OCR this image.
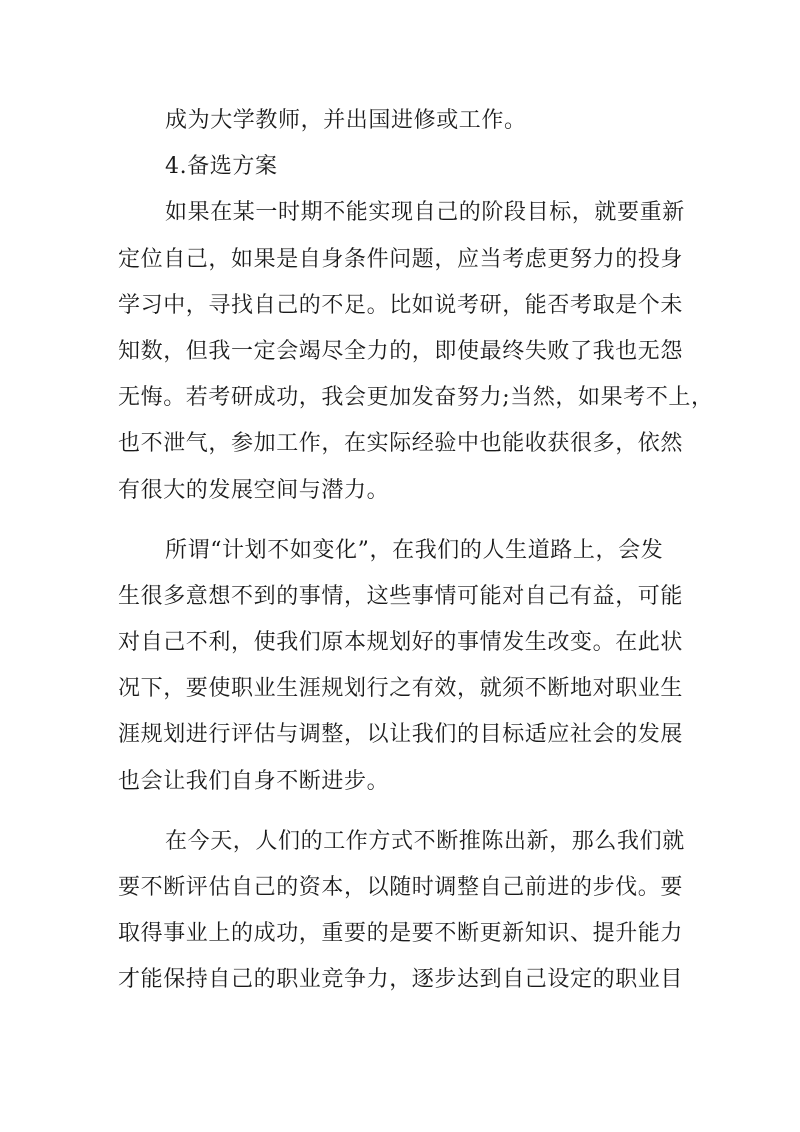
成为大学教师，并出国进修或工作。
4.备选方案
如果在某一时期不能实现自己的阶段目标，就要重新
定位自己，如果是自身条件问题，应当考虑更努力的投身
学习中，寻找自己的不足。比如说考研，能否考取是个未
知数，但我一定会竭尽全力的，即使最终失败了我也无怨
无悔。若考研成功，我会更加发奋努力;当然，如果考不上，
也不泄气，参加工作，在实际经验中也能收获很多，依然
有很大的发展空间与潜力。
所谓“计划不如变化”，在我们的人生道路上，会发
生很多意想不到的事情，这些事情可能对自己有益，可能
对自己不利，使我们原本规划好的事情发生改变。在此状
况下，要使职业生涯规划行之有效，就须不断地对职业生
涯规划进行评估与调整，以让我们的目标适应社会的发展
也会让我们自身不断进步。
在今天，人们的工作方式不断推陈出新，那么我们就
要不断评估自己的资本，以随时调整自己前进的步伐。要
取得事业上的成功，重要的是要不断更新知识、提升能力
才能保持自己的职业竞争力，逐步达到自己设定的职业目
